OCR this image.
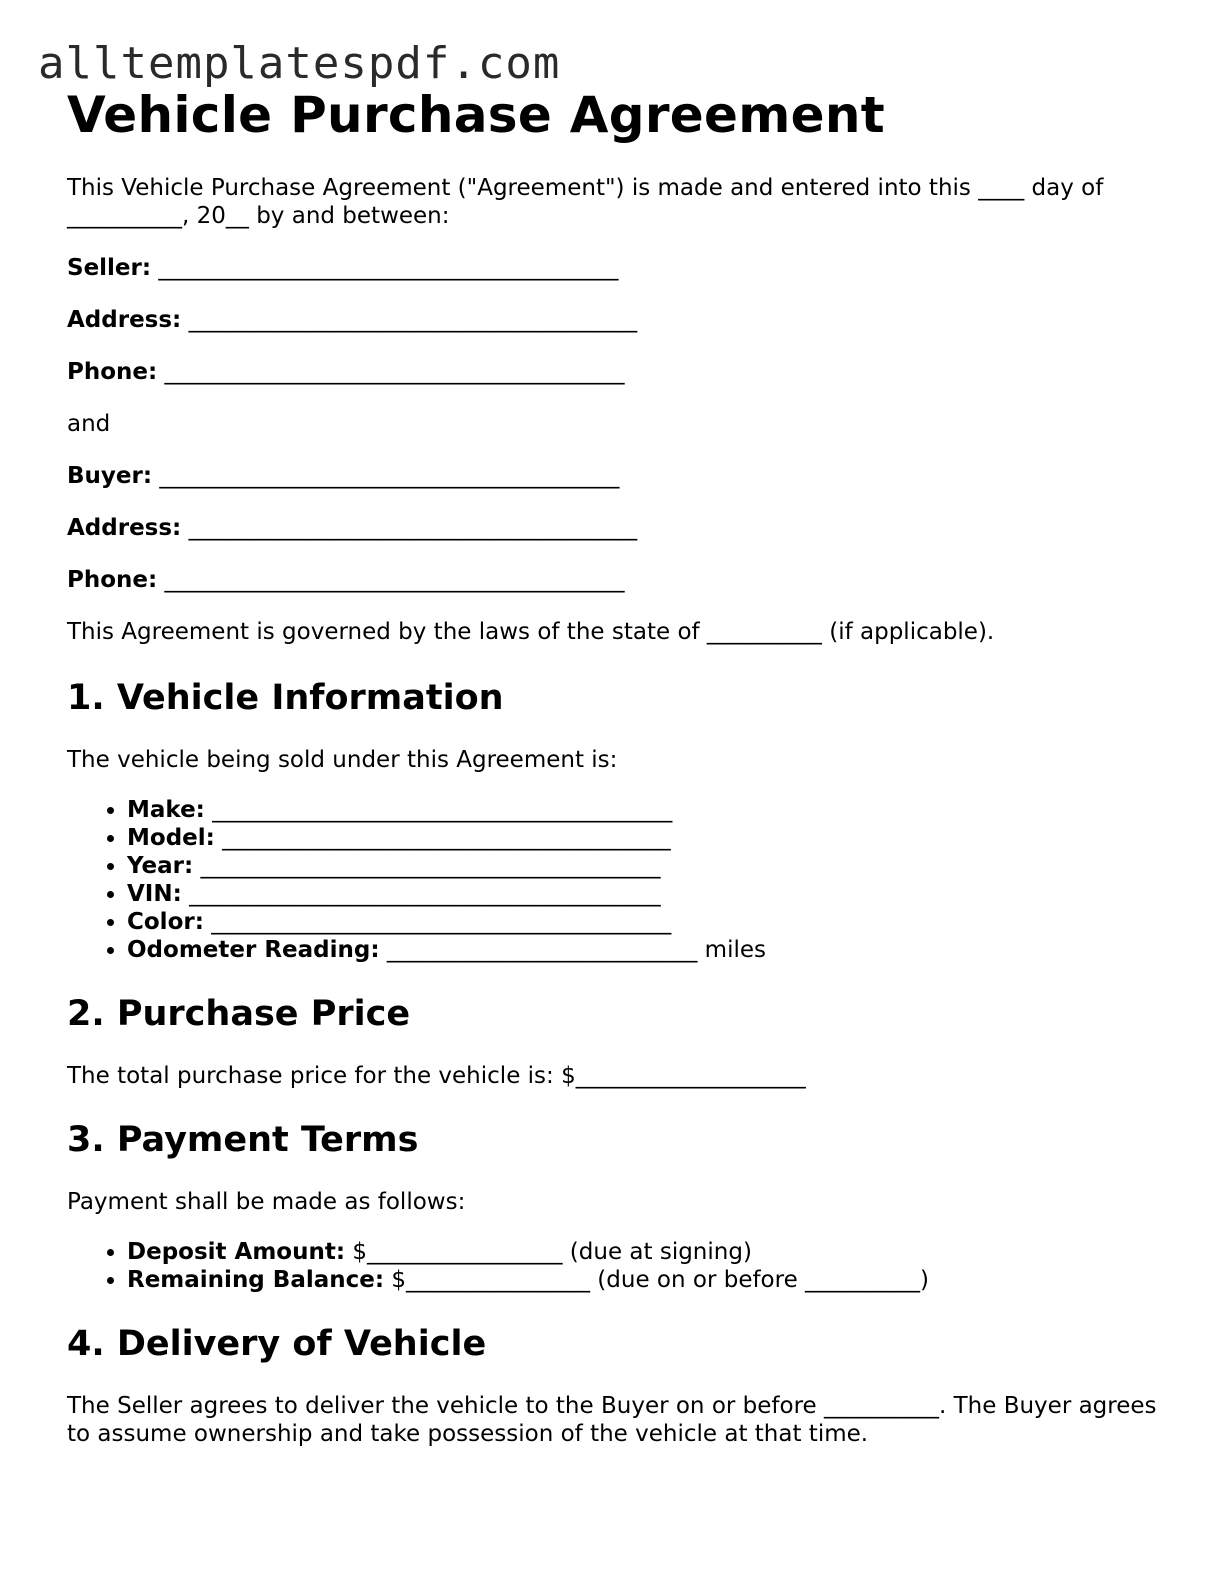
alltemplatespdf.com
Vehicle Purchase Agreement

This Vehicle Purchase Agreement ("Agreement") is made and entered into this ____ day of __________, 20__ by and between:

Seller: ________________________________________

Address: _______________________________________

Phone: ________________________________________

and

Buyer: ________________________________________

Address: _______________________________________

Phone: ________________________________________

This Agreement is governed by the laws of the state of __________ (if applicable).

1. Vehicle Information

The vehicle being sold under this Agreement is:

• Make: ________________________________________
• Model: _______________________________________
• Year: ________________________________________
• VIN: _________________________________________
• Color: ________________________________________
• Odometer Reading: ___________________________ miles
2. Purchase Price

The total purchase price for the vehicle is: $____________________

3. Payment Terms

Payment shall be made as follows:

• Deposit Amount: $_________________ (due at signing)
• Remaining Balance: $________________ (due on or before __________)
4. Delivery of Vehicle

The Seller agrees to deliver the vehicle to the Buyer on or before __________. The Buyer agrees to assume ownership and take possession of the vehicle at that time.
